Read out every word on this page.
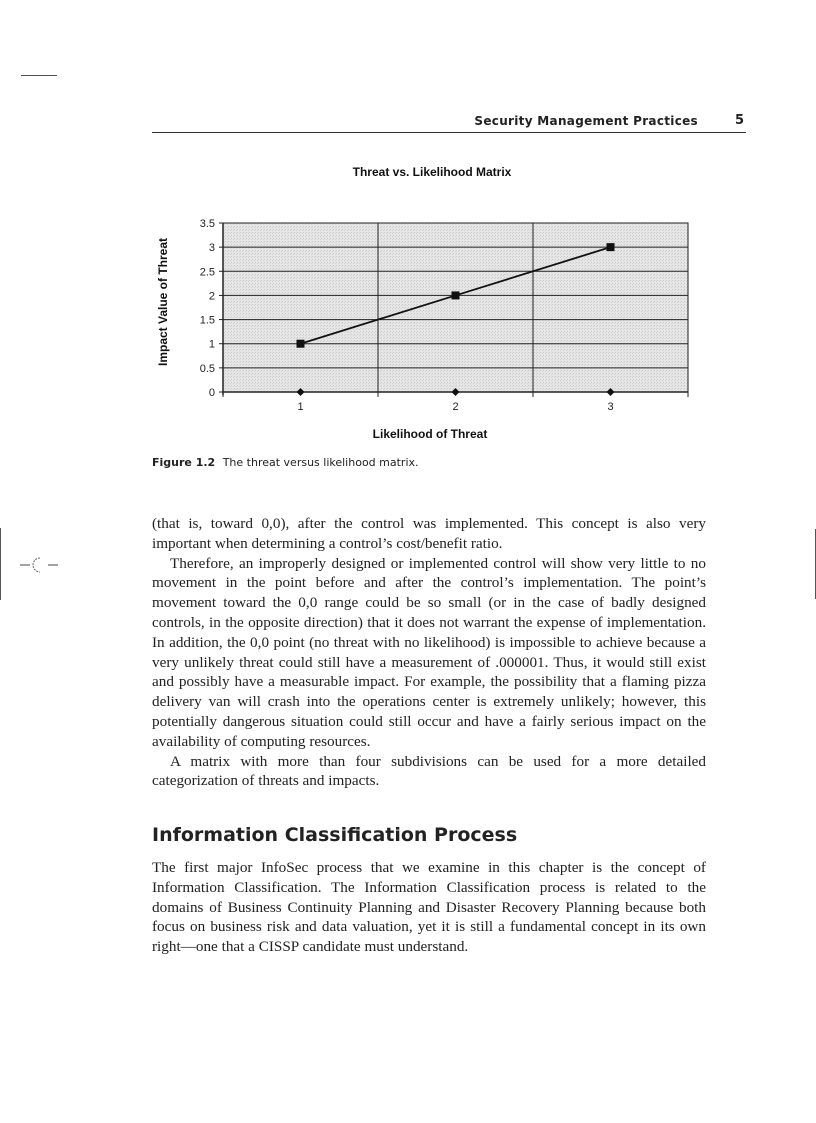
Security Management Practices	5
Threat vs. Likelihood Matrix
0
0.5
1
1.5
2
2.5
3
3.5
1	2	3
Impact Value of Threat
Likelihood of Threat
Figure 1.2 The threat versus likelihood matrix.

(that is, toward 0,0), after the control was implemented. This concept is also very important when determining a control’s cost/benefit ratio.

Therefore, an improperly designed or implemented control will show very little to no movement in the point before and after the control’s implementation. The point’s movement toward the 0,0 range could be so small (or in the case of badly designed controls, in the opposite direction) that it does not warrant the expense of implementation. In addition, the 0,0 point (no threat with no likelihood) is impossible to achieve because a very unlikely threat could still have a measurement of .000001. Thus, it would still exist and possibly have a measurable impact. For example, the possibility that a flaming pizza delivery van will crash into the operations center is extremely unlikely; however, this potentially dangerous situation could still occur and have a fairly serious impact on the availability of computing resources.

A matrix with more than four subdivisions can be used for a more detailed categorization of threats and impacts.

Information Classification Process

The first major InfoSec process that we examine in this chapter is the concept of Information Classification. The Information Classification process is related to the domains of Business Continuity Planning and Disaster Recovery Planning because both focus on business risk and data valuation, yet it is still a fundamental concept in its own right—one that a CISSP candidate must understand.
